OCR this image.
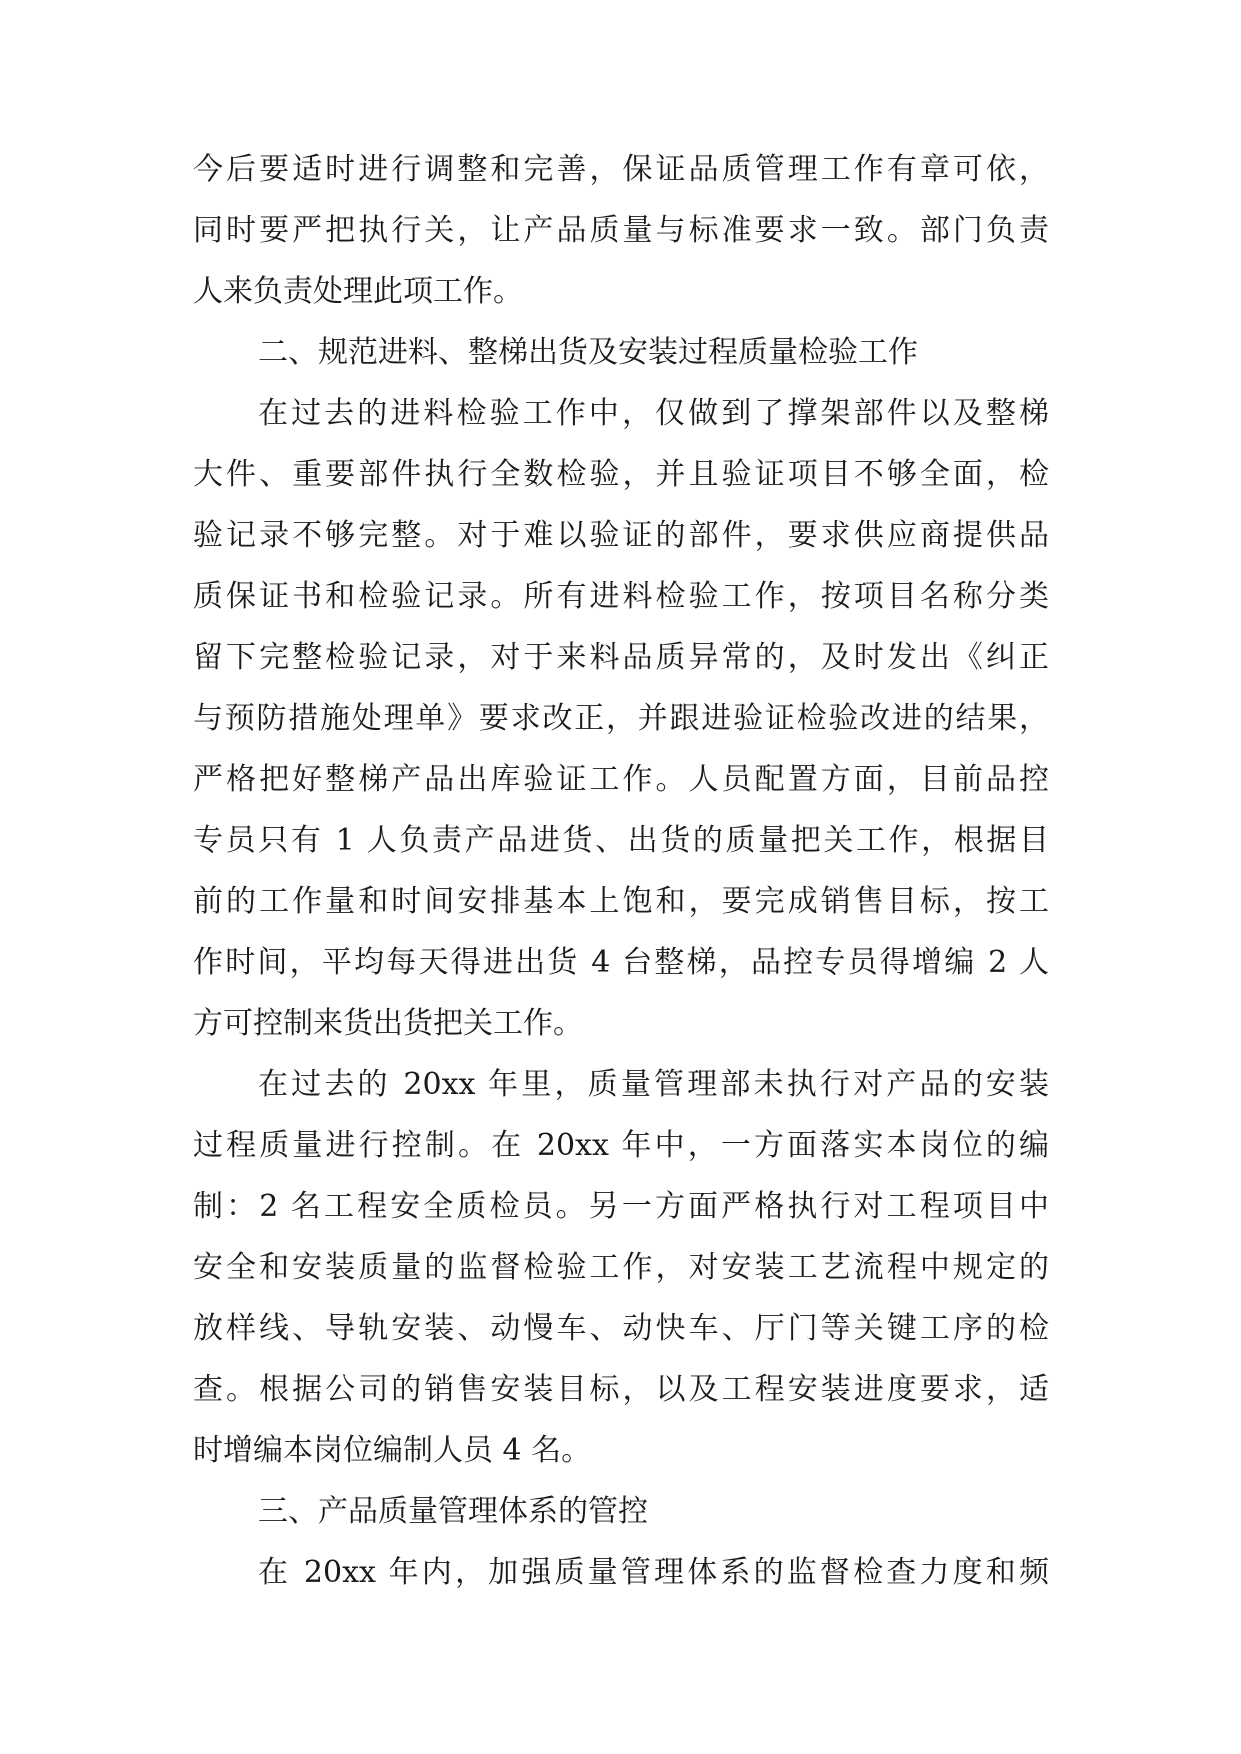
今后要适时进行调整和完善，保证品质管理工作有章可依，
同时要严把执行关，让产品质量与标准要求一致。部门负责
人来负责处理此项工作。
二、规范进料、整梯出货及安装过程质量检验工作
在过去的进料检验工作中，仅做到了撑架部件以及整梯
大件、重要部件执行全数检验，并且验证项目不够全面，检
验记录不够完整。对于难以验证的部件，要求供应商提供品
质保证书和检验记录。所有进料检验工作，按项目名称分类
留下完整检验记录，对于来料品质异常的，及时发出《纠正
与预防措施处理单》要求改正，并跟进验证检验改进的结果，
严格把好整梯产品出库验证工作。人员配置方面，目前品控
专员只有 1 人负责产品进货、出货的质量把关工作，根据目
前的工作量和时间安排基本上饱和，要完成销售目标，按工
作时间，平均每天得进出货 4 台整梯，品控专员得增编 2 人
方可控制来货出货把关工作。
在过去的 20xx 年里，质量管理部未执行对产品的安装
过程质量进行控制。在 20xx 年中，一方面落实本岗位的编
制：2 名工程安全质检员。另一方面严格执行对工程项目中
安全和安装质量的监督检验工作，对安装工艺流程中规定的
放样线、导轨安装、动慢车、动快车、厅门等关键工序的检
查。根据公司的销售安装目标，以及工程安装进度要求，适
时增编本岗位编制人员 4 名。
三、产品质量管理体系的管控
在 20xx 年内，加强质量管理体系的监督检查力度和频
